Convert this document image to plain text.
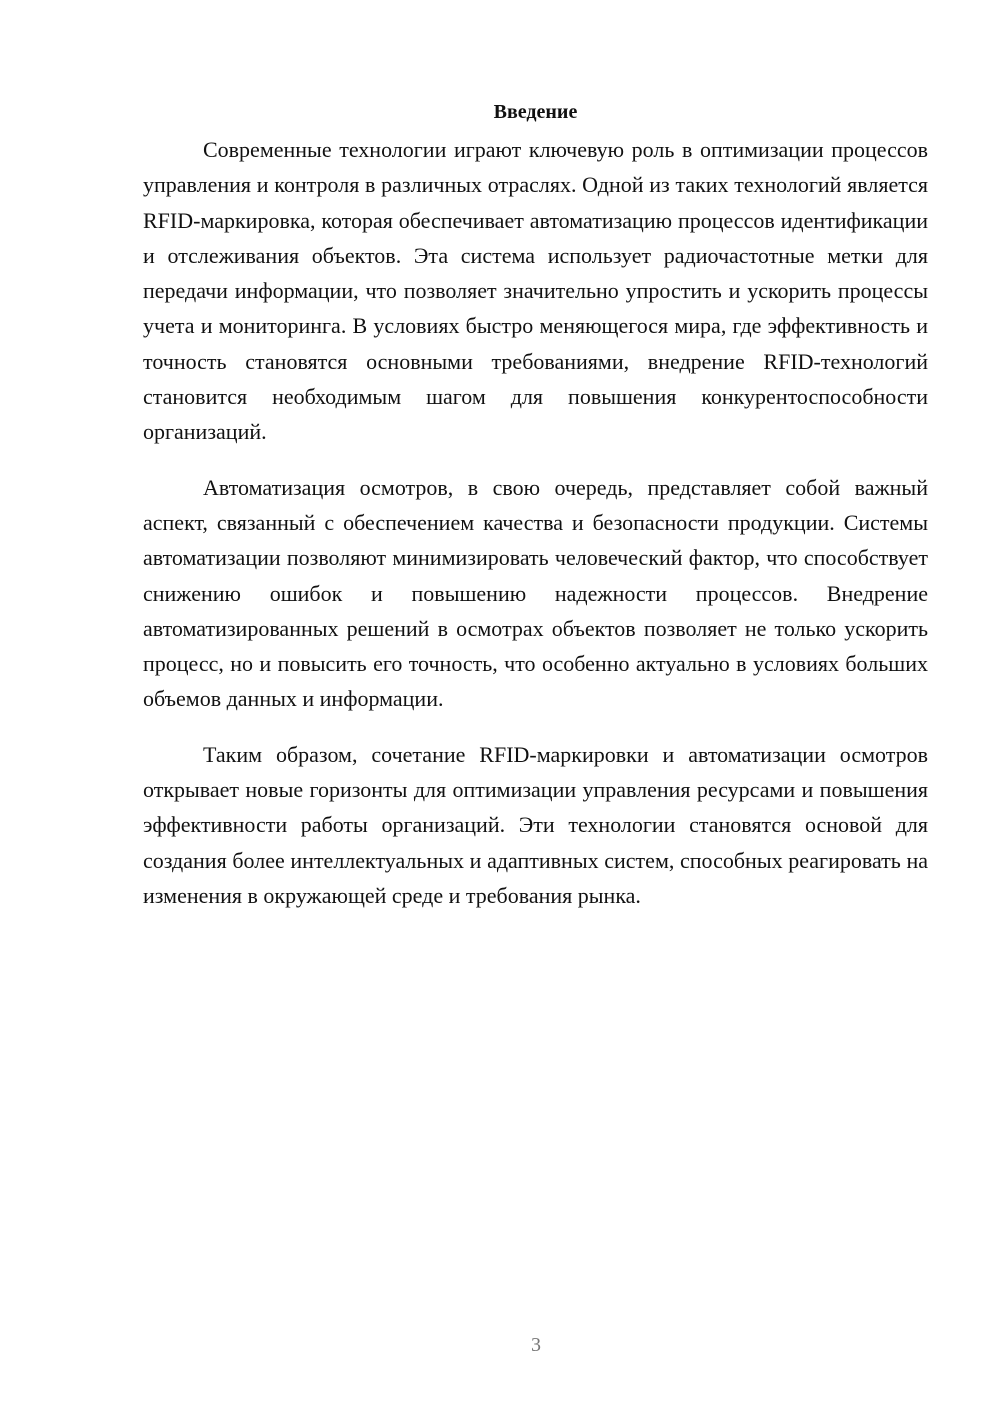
Введение

Современные технологии играют ключевую роль в оптимизации процессов управления и контроля в различных отраслях. Одной из таких технологий является RFID-маркировка, которая обеспечивает автоматизацию процессов идентификации и отслеживания объектов. Эта система использует радиочастотные метки для передачи информации, что позволяет значительно упростить и ускорить процессы учета и мониторинга. В условиях быстро меняющегося мира, где эффективность и точность становятся основными требованиями, внедрение RFID-технологий становится необходимым шагом для повышения конкурентоспособности организаций.

Автоматизация осмотров, в свою очередь, представляет собой важный аспект, связанный с обеспечением качества и безопасности продукции. Системы автоматизации позволяют минимизировать человеческий фактор, что способствует снижению ошибок и повышению надежности процессов. Внедрение автоматизированных решений в осмотрах объектов позволяет не только ускорить процесс, но и повысить его точность, что особенно актуально в условиях больших объемов данных и информации.

Таким образом, сочетание RFID-маркировки и автоматизации осмотров открывает новые горизонты для оптимизации управления ресурсами и повышения эффективности работы организаций. Эти технологии становятся основой для создания более интеллектуальных и адаптивных систем, способных реагировать на изменения в окружающей среде и требования рынка.

3
